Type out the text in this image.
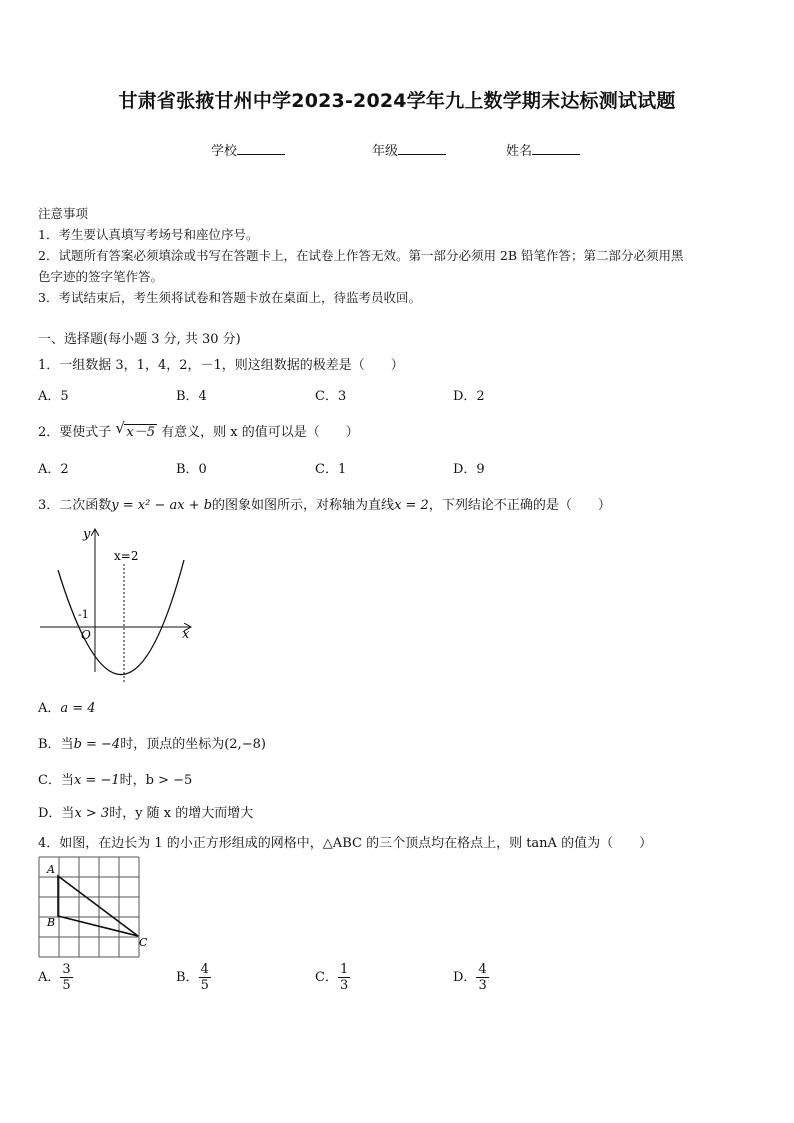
甘肃省张掖甘州中学2023-2024学年九上数学期末达标测试试题
学校	年级	姓名
注意事项
1．考生要认真填写考场号和座位序号。
2．试题所有答案必须填涂或书写在答题卡上，在试卷上作答无效。第一部分必须用 2B 铅笔作答；第二部分必须用黑
色字迹的签字笔作答。
3．考试结束后，考生须将试卷和答题卡放在桌面上，待监考员收回。
一、选择题(每小题 3 分, 共 30 分)
1．一组数据 3，1，4，2，－1，则这组数据的极差是（　　）
A．5	B．4	C．3	D．2
2．要使式子 √ x－5 有意义，则 x 的值可以是（　　）
A．2	B．0	C．1	D．9
3．二次函数y = x² − ax + b的图象如图所示，对称轴为直线x = 2，下列结论不正确的是（　　）
y
x
O
x=2
-1
A．a = 4
B．当b = −4时，顶点的坐标为(2,−8)
C．当x = −1时，b > −5
D．当x > 3时，y 随 x 的增大而增大
4．如图，在边长为 1 的小正方形组成的网格中，△ABC 的三个顶点均在格点上，则 tanA 的值为（　　）
A
B
C
A． $\frac{3}{5}$	B． $\frac{4}{5}$	C． $\frac{1}{3}$	D． $\frac{4}{3}$
